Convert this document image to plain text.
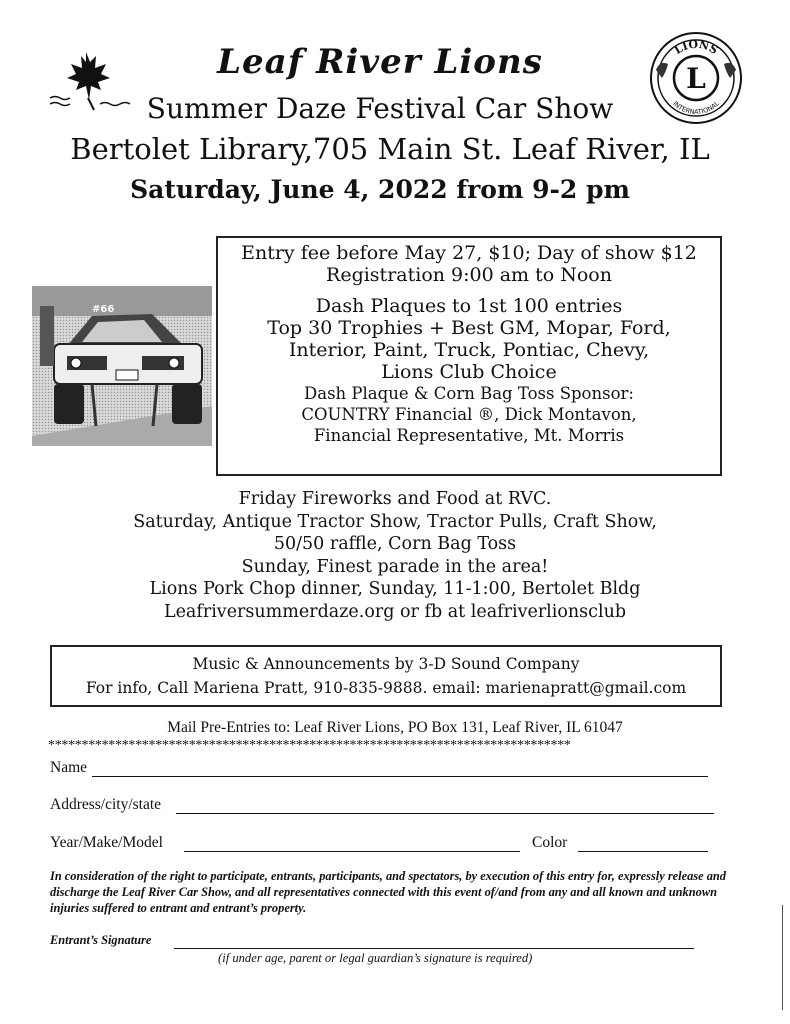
LIONS
L
INTERNATIONAL
Leaf River Lions
Summer Daze Festival Car Show
Bertolet Library,705 Main St. Leaf River, IL
Saturday, June 4, 2022 from 9-2 pm
#66
Entry fee before May 27, $10; Day of show $12
Registration 9:00 am to Noon
Dash Plaques to 1st 100 entries
Top 30 Trophies + Best GM, Mopar, Ford,
Interior, Paint, Truck, Pontiac, Chevy,
Lions Club Choice
Dash Plaque & Corn Bag Toss Sponsor:
COUNTRY Financial ®, Dick Montavon,
Financial Representative, Mt. Morris
Friday Fireworks and Food at RVC.
Saturday, Antique Tractor Show, Tractor Pulls, Craft Show,
50/50 raffle, Corn Bag Toss
Sunday, Finest parade in the area!
Lions Pork Chop dinner, Sunday, 11-1:00, Bertolet Bldg
Leafriversummerdaze.org or fb at leafriverlionsclub
Music & Announcements by 3-D Sound Company
For info, Call Mariena Pratt, 910-835-9888. email: marienapratt@gmail.com
Mail Pre-Entries to: Leaf River Lions, PO Box 131, Leaf River, IL 61047
******************************************************************************
Name
Address/city/state
Year/Make/Model	Color
In consideration of the right to participate, entrants, participants, and spectators, by execution of this entry for, expressly release and discharge the Leaf River Car Show, and all representatives connected with this event of/and from any and all known and unknown injuries suffered to entrant and entrant’s property.
Entrant’s Signature
(if under age, parent or legal guardian’s signature is required)
